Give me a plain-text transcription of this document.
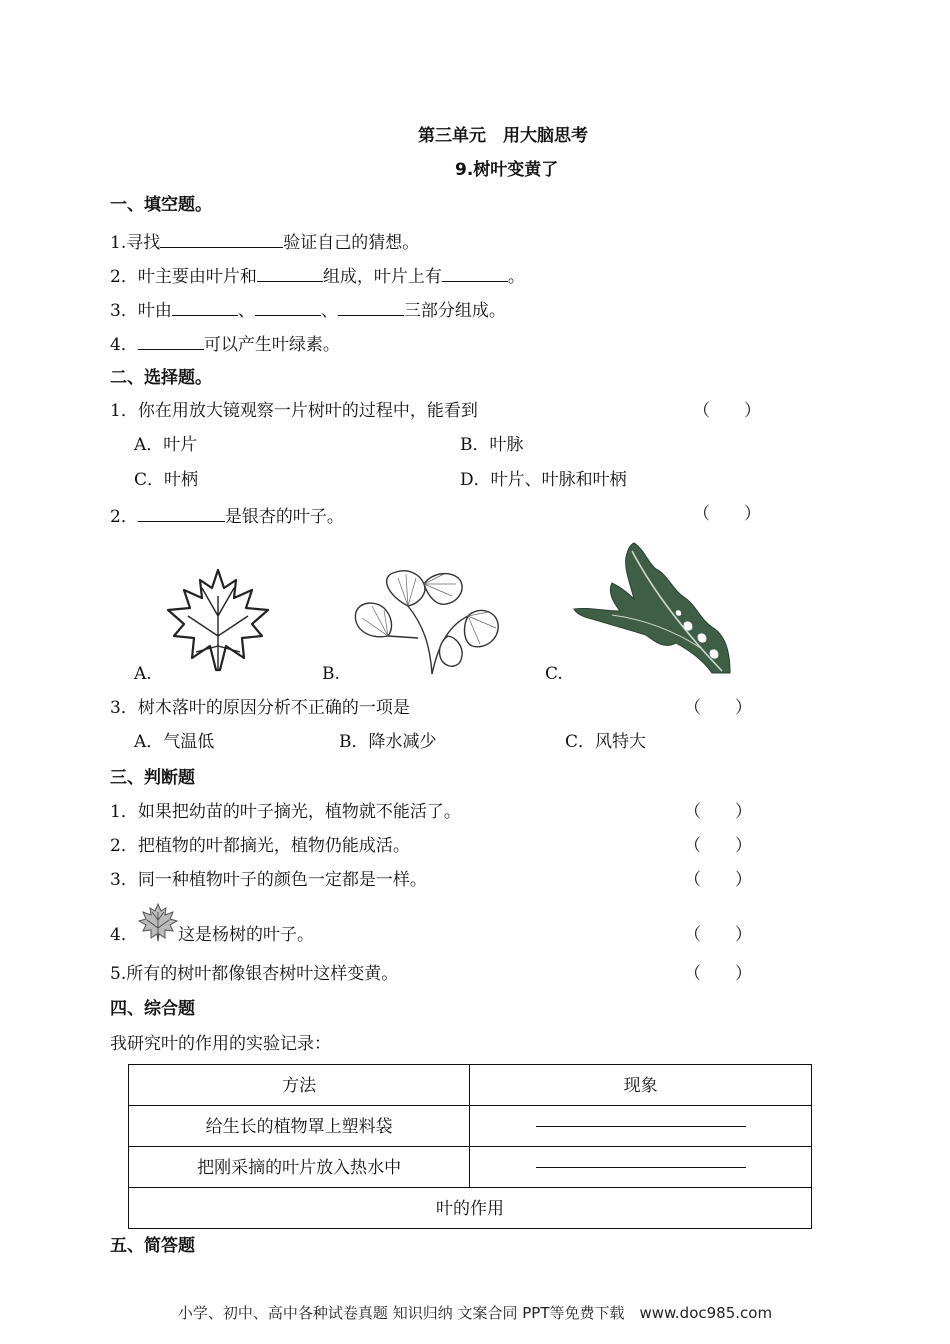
第三单元　用大脑思考
9.树叶变黄了
一、填空题。
1.寻找	验证自己的猜想。
2．叶主要由叶片和	组成，叶片上有	。
3．叶由	、	、	三部分组成。
4．	可以产生叶绿素。
二、选择题。
1．你在用放大镜观察一片树叶的过程中，能看到	（　　）
A．叶片	B．叶脉
C．叶柄	D．叶片、叶脉和叶柄
2．	是银杏的叶子。	（　　）
A.	B.	C.
3．树木落叶的原因分析不正确的一项是	（　　）
A．气温低	B．降水减少	C．风特大
三、判断题
1．如果把幼苗的叶子摘光，植物就不能活了。	（　　）
2．把植物的叶都摘光，植物仍能成活。	（　　）
3．同一种植物叶子的颜色一定都是一样。	（　　）
4． 这是杨树的叶子。	（　　）
5.所有的树叶都像银杏树叶这样变黄。	（　　）
四、综合题
我研究叶的作用的实验记录：
方法	现象
给生长的植物罩上塑料袋	
把刚采摘的叶片放入热水中	
叶的作用	
五、简答题
小学、初中、高中各种试卷真题 知识归纳 文案合同 PPT等免费下载　www.doc985.com
